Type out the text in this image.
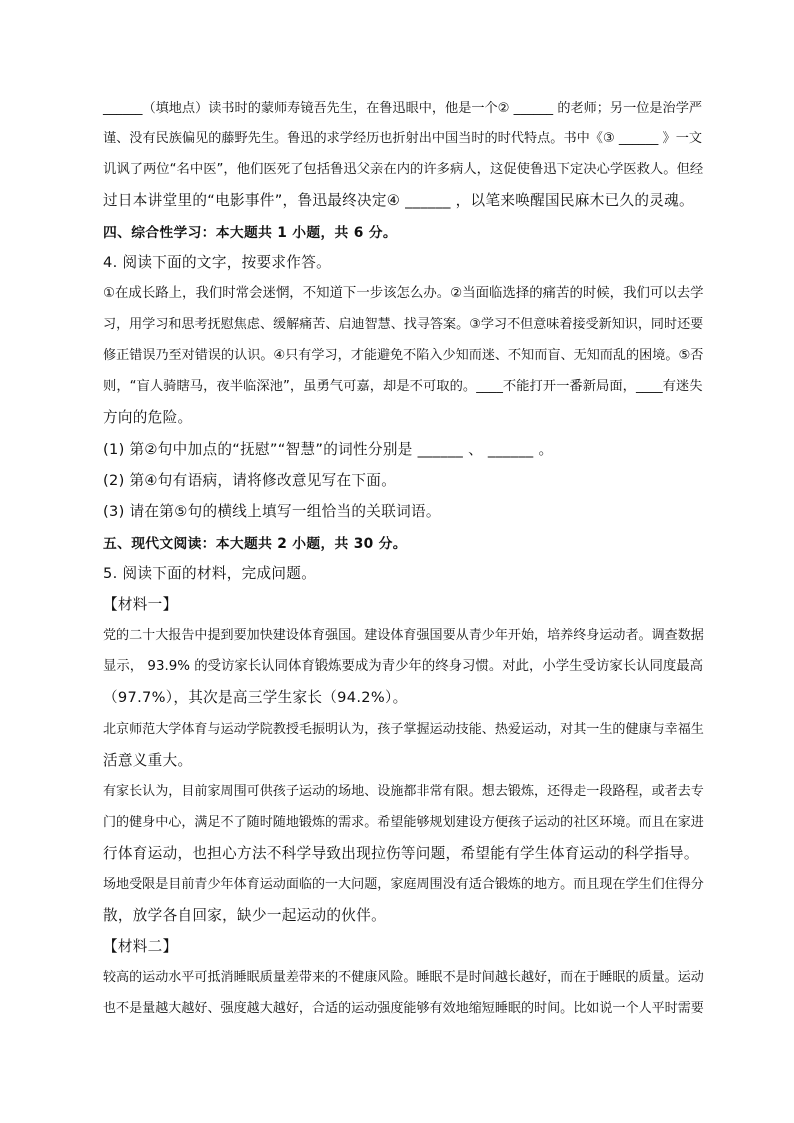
______（填地点）读书时的蒙师寿镜吾先生，在鲁迅眼中，他是一个② ______ 的老师；另一位是治学严
谨、没有民族偏见的藤野先生。鲁迅的求学经历也折射出中国当时的时代特点。书中《③ ______ 》一文
讥讽了两位“名中医”，他们医死了包括鲁迅父亲在内的许多病人，这促使鲁迅下定决心学医救人。但经
过日本讲堂里的“电影事件”，鲁迅最终决定④ ______ ，以笔来唤醒国民麻木已久的灵魂。
四、综合性学习：本大题共 1 小题，共 6 分。
4. 阅读下面的文字，按要求作答。
①在成长路上，我们时常会迷惘，不知道下一步该怎么办。②当面临选择的痛苦的时候，我们可以去学
习，用学习和思考抚慰焦虑、缓解痛苦、启迪智慧、找寻答案。③学习不但意味着接受新知识，同时还要
修正错误乃至对错误的认识。④只有学习，才能避免不陷入少知而迷、不知而盲、无知而乱的困境。⑤否
则，“盲人骑瞎马，夜半临深池”，虽勇气可嘉，却是不可取的。____不能打开一番新局面，____有迷失
方向的危险。
(1) 第②句中加点的“抚慰”“智慧”的词性分别是 ______ 、 ______ 。
(2) 第④句有语病，请将修改意见写在下面。
(3) 请在第⑤句的横线上填写一组恰当的关联词语。
五、现代文阅读：本大题共 2 小题，共 30 分。
5. 阅读下面的材料，完成问题。
【材料一】
党的二十大报告中提到要加快建设体育强国。建设体育强国要从青少年开始，培养终身运动者。调查数据
显示， 93.9% 的受访家长认同体育锻炼要成为青少年的终身习惯。对此，小学生受访家长认同度最高
（97.7%），其次是高三学生家长（94.2%）。
北京师范大学体育与运动学院教授毛振明认为，孩子掌握运动技能、热爱运动，对其一生的健康与幸福生
活意义重大。
有家长认为，目前家周围可供孩子运动的场地、设施都非常有限。想去锻炼，还得走一段路程，或者去专
门的健身中心，满足不了随时随地锻炼的需求。希望能够规划建设方便孩子运动的社区环境。而且在家进
行体育运动，也担心方法不科学导致出现拉伤等问题，希望能有学生体育运动的科学指导。
场地受限是目前青少年体育运动面临的一大问题，家庭周围没有适合锻炼的地方。而且现在学生们住得分
散，放学各自回家，缺少一起运动的伙伴。
【材料二】
较高的运动水平可抵消睡眠质量差带来的不健康风险。睡眠不是时间越长越好，而在于睡眠的质量。运动
也不是量越大越好、强度越大越好，合适的运动强度能够有效地缩短睡眠的时间。比如说一个人平时需要
